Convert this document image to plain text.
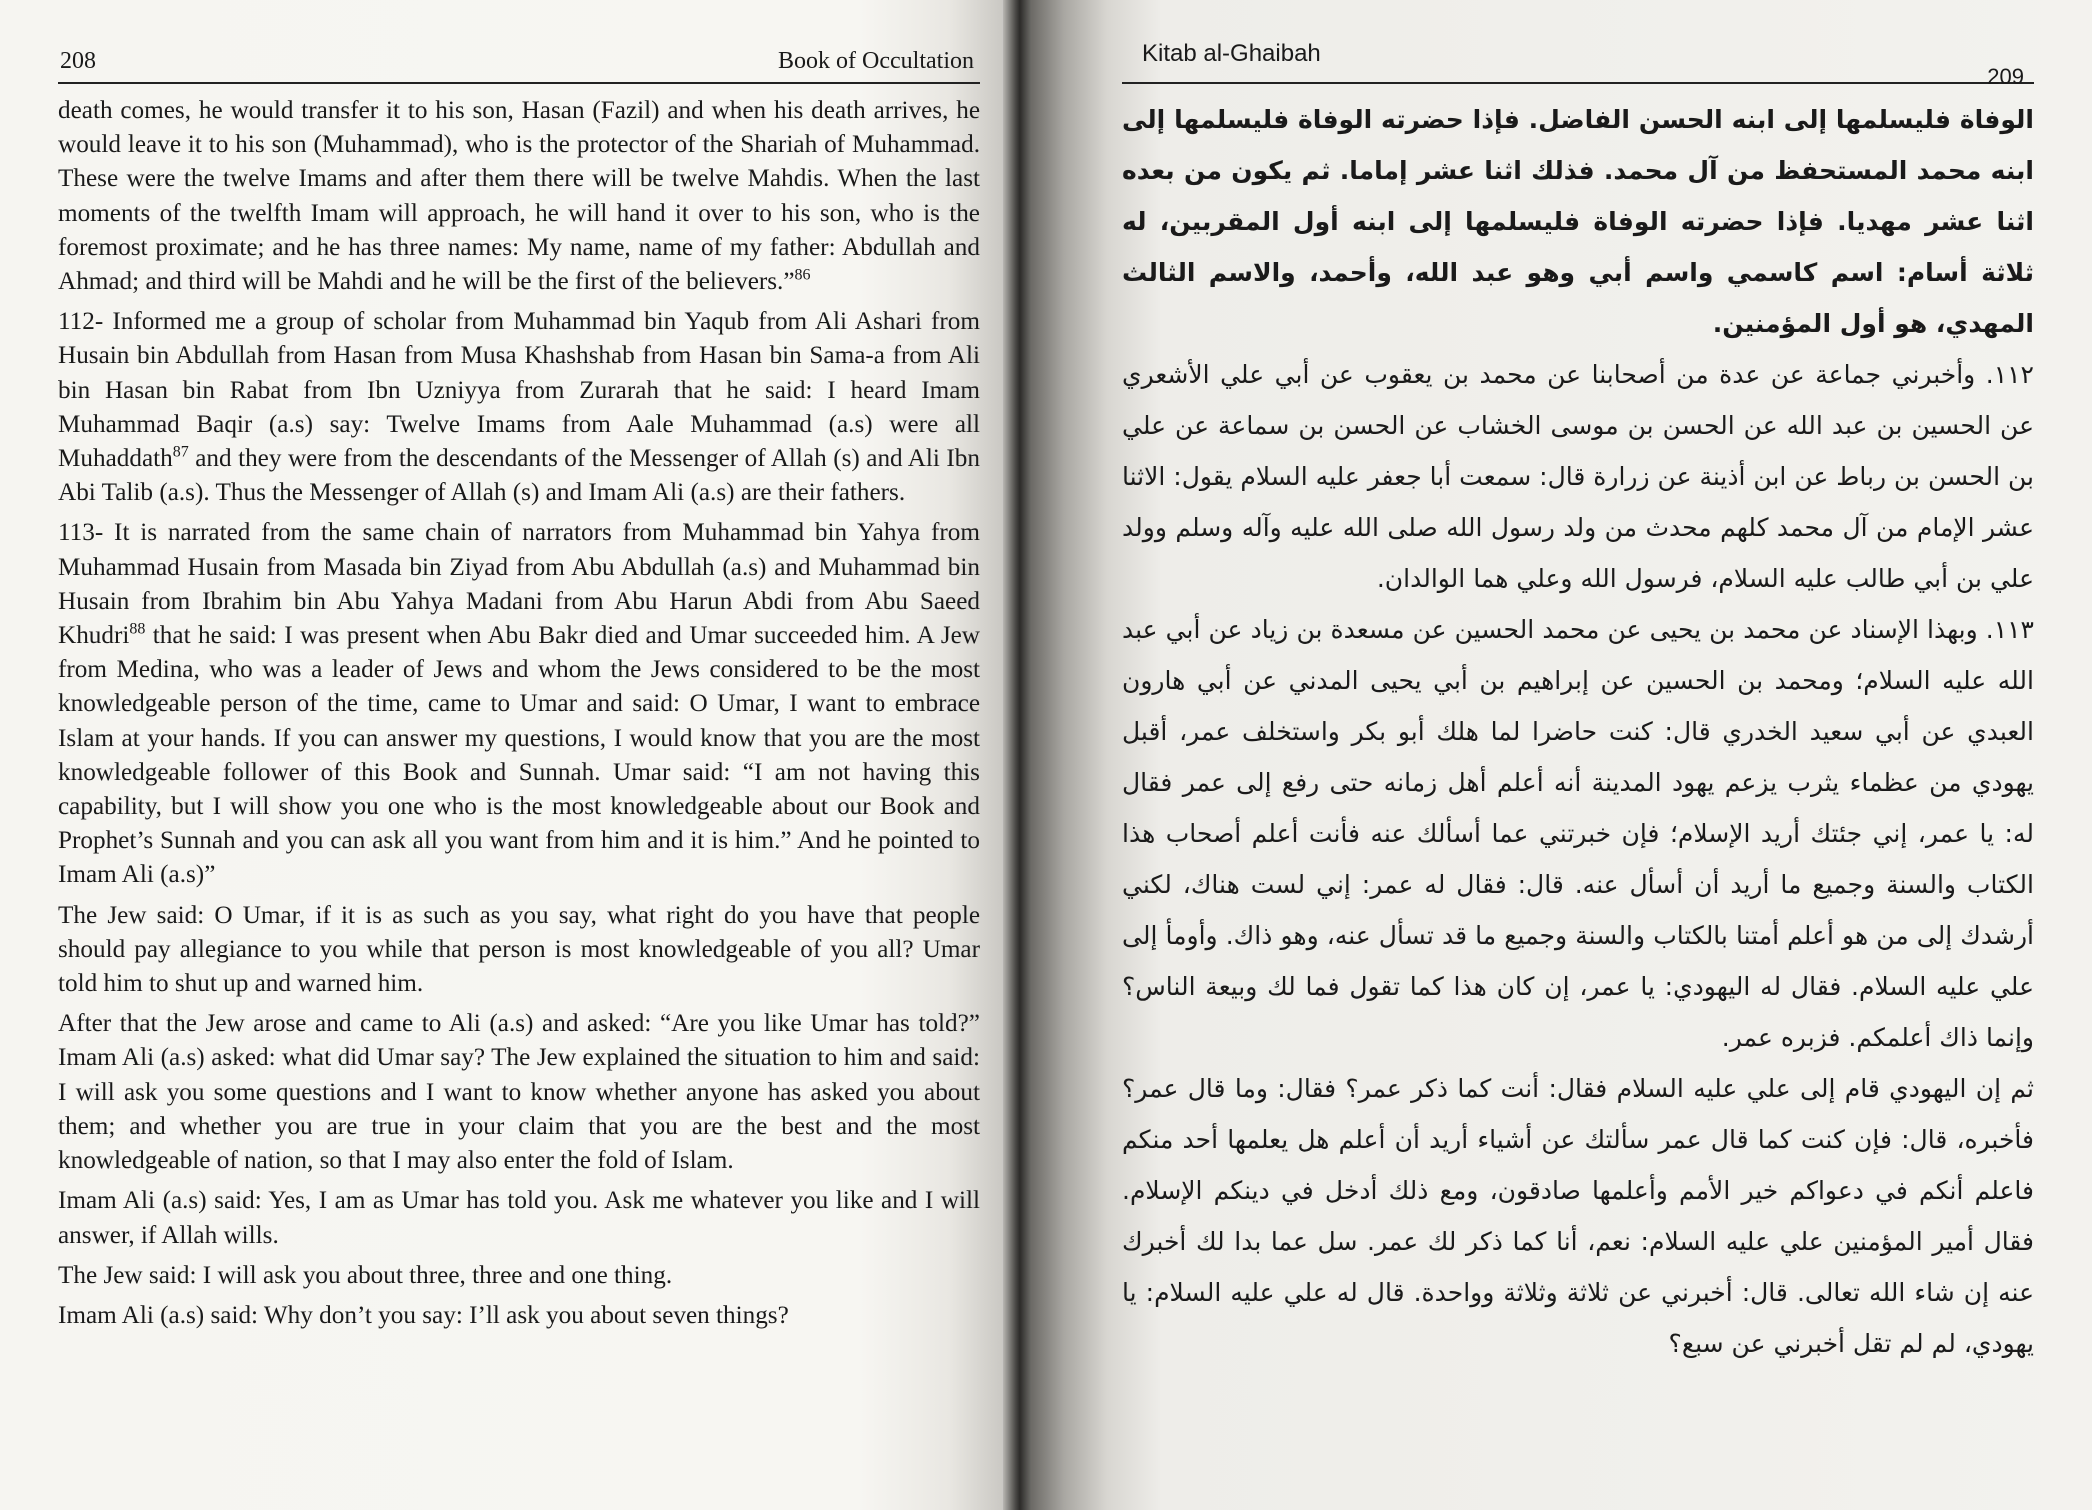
208	Book of Occultation

death comes, he would transfer it to his son, Hasan (Fazil) and when his death arrives, he would leave it to his son (Muhammad), who is the protector of the Shariah of Muhammad. These were the twelve Imams and after them there will be twelve Mahdis. When the last moments of the twelfth Imam will approach, he will hand it over to his son, who is the foremost proximate; and he has three names: My name, name of my father: Abdullah and Ahmad; and third will be Mahdi and he will be the first of the believers.”$^{86}$

112- Informed me a group of scholar from Muhammad bin Yaqub from Ali Ashari from Husain bin Abdullah from Hasan from Musa Khashshab from Hasan bin Sama-a from Ali bin Hasan bin Rabat from Ibn Uzniyya from Zurarah that he said: I heard Imam Muhammad Baqir (a.s) say: Twelve Imams from Aale Muhammad (a.s) were all Muhaddath$^{87}$ and they were from the descendants of the Messenger of Allah (s) and Ali Ibn Abi Talib (a.s). Thus the Messenger of Allah (s) and Imam Ali (a.s) are their fathers.

113- It is narrated from the same chain of narrators from Muhammad bin Yahya from Muhammad Husain from Masada bin Ziyad from Abu Abdullah (a.s) and Muhammad bin Husain from Ibrahim bin Abu Yahya Madani from Abu Harun Abdi from Abu Saeed Khudri$^{88}$ that he said: I was present when Abu Bakr died and Umar succeeded him. A Jew from Medina, who was a leader of Jews and whom the Jews considered to be the most knowledgeable person of the time, came to Umar and said: O Umar, I want to embrace Islam at your hands. If you can answer my questions, I would know that you are the most knowledgeable follower of this Book and Sunnah. Umar said: “I am not having this capability, but I will show you one who is the most knowledgeable about our Book and Prophet’s Sunnah and you can ask all you want from him and it is him.” And he pointed to Imam Ali (a.s)”

The Jew said: O Umar, if it is as such as you say, what right do you have that people should pay allegiance to you while that person is most knowledgeable of you all? Umar told him to shut up and warned him.

After that the Jew arose and came to Ali (a.s) and asked: “Are you like Umar has told?” Imam Ali (a.s) asked: what did Umar say? The Jew explained the situation to him and said: I will ask you some questions and I want to know whether anyone has asked you about them; and whether you are true in your claim that you are the best and the most knowledgeable of nation, so that I may also enter the fold of Islam.

Imam Ali (a.s) said: Yes, I am as Umar has told you. Ask me whatever you like and I will answer, if Allah wills.

The Jew said: I will ask you about three, three and one thing.

Imam Ali (a.s) said: Why don’t you say: I’ll ask you about seven things?

Kitab al-Ghaibah
209

الوفاة فليسلمها إلى ابنه الحسن الفاضل. فإذا حضرته الوفاة فليسلمها إلى ابنه محمد المستحفظ من آل محمد. فذلك اثنا عشر إماما. ثم يكون من بعده اثنا عشر مهديا. فإذا حضرته الوفاة فليسلمها إلى ابنه أول المقربين، له ثلاثة أسام: اسم كاسمي واسم أبي وهو عبد الله، وأحمد، والاسم الثالث المهدي، هو أول المؤمنين.

١١٢. وأخبرني جماعة عن عدة من أصحابنا عن محمد بن يعقوب عن أبي علي الأشعري عن الحسين بن عبد الله عن الحسن بن موسى الخشاب عن الحسن بن سماعة عن علي بن الحسن بن رباط عن ابن أذينة عن زرارة قال: سمعت أبا جعفر عليه السلام يقول: الاثنا عشر الإمام من آل محمد كلهم محدث من ولد رسول الله صلى الله عليه وآله وسلم وولد علي بن أبي طالب عليه السلام، فرسول الله وعلي هما الوالدان.

١١٣. وبهذا الإسناد عن محمد بن يحيى عن محمد الحسين عن مسعدة بن زياد عن أبي عبد الله عليه السلام؛ ومحمد بن الحسين عن إبراهيم بن أبي يحيى المدني عن أبي هارون العبدي عن أبي سعيد الخدري قال: كنت حاضرا لما هلك أبو بكر واستخلف عمر، أقبل يهودي من عظماء يثرب يزعم يهود المدينة أنه أعلم أهل زمانه حتى رفع إلى عمر فقال له: يا عمر، إني جئتك أريد الإسلام؛ فإن خبرتني عما أسألك عنه فأنت أعلم أصحاب هذا الكتاب والسنة وجميع ما أريد أن أسأل عنه. قال: فقال له عمر: إني لست هناك، لكني أرشدك إلى من هو أعلم أمتنا بالكتاب والسنة وجميع ما قد تسأل عنه، وهو ذاك. وأومأ إلى علي عليه السلام. فقال له اليهودي: يا عمر، إن كان هذا كما تقول فما لك وبيعة الناس؟ وإنما ذاك أعلمكم. فزبره عمر.

ثم إن اليهودي قام إلى علي عليه السلام فقال: أنت كما ذكر عمر؟ فقال: وما قال عمر؟ فأخبره، قال: فإن كنت كما قال عمر سألتك عن أشياء أريد أن أعلم هل يعلمها أحد منكم فاعلم أنكم في دعواكم خير الأمم وأعلمها صادقون، ومع ذلك أدخل في دينكم الإسلام. فقال أمير المؤمنين علي عليه السلام: نعم، أنا كما ذكر لك عمر. سل عما بدا لك أخبرك عنه إن شاء الله تعالى. قال: أخبرني عن ثلاثة وثلاثة وواحدة. قال له علي عليه السلام: يا يهودي، لم لم تقل أخبرني عن سبع؟
